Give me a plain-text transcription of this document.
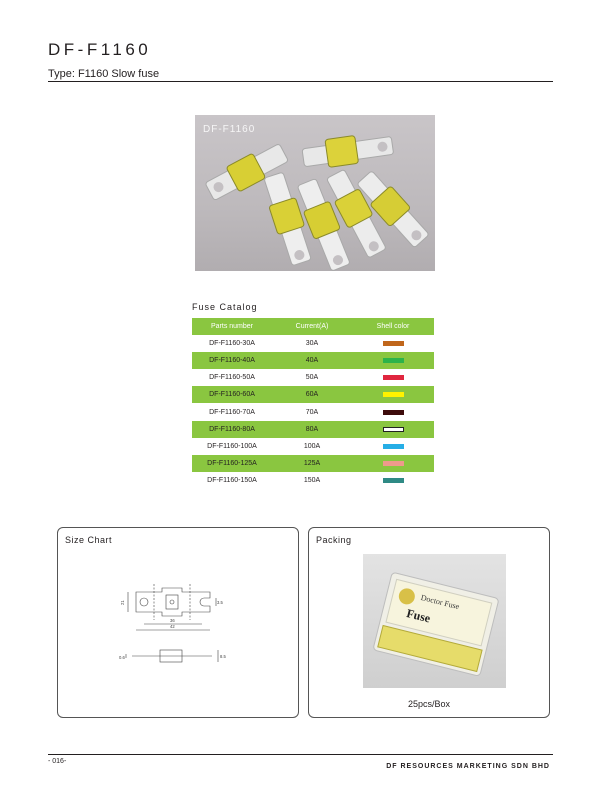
DF-F1160
Type: F1160 Slow fuse
DF-F1160
Fuse Catalog
Parts number	Current(A)	Shell color
DF-F1160-30A	30A
DF-F1160-40A	40A
DF-F1160-50A	50A
DF-F1160-60A	60A
DF-F1160-70A	70A
DF-F1160-80A	80A
DF-F1160-100A	100A
DF-F1160-125A	125A
DF-F1160-150A	150A
Size Chart
21	3.5
36
42
0.6	8.5
Packing
Doctor Fuse
Fuse
25pcs/Box
- 016-
DF RESOURCES MARKETING SDN BHD
